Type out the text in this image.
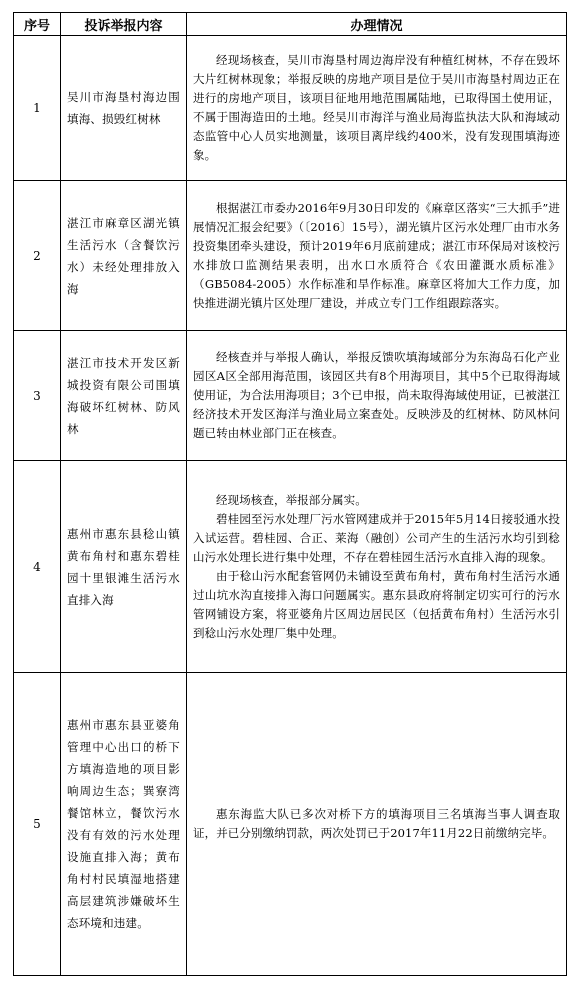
序号	投诉举报内容	办理情况
1	吴川市海垦村海边围填海、损毁红树林	经现场核查，吴川市海垦村周边海岸没有种植红树林，不存在毁坏大片红树林现象；举报反映的房地产项目是位于吴川市海垦村周边正在进行的房地产项目，该项目征地用地范围属陆地，已取得国土使用证，不属于围海造田的土地。经吴川市海洋与渔业局海监执法大队和海域动态监管中心人员实地测量，该项目离岸线约400米，没有发现围填海迹象。

2	湛江市麻章区湖光镇生活污水（含餐饮污水）未经处理排放入海	根据湛江市委办2016年9月30日印发的《麻章区落实“三大抓手”进展情况汇报会纪要》（〔2016〕15号），湖光镇片区污水处理厂由市水务投资集团牵头建设，预计2019年6月底前建成；湛江市环保局对该校污水排放口监测结果表明，出水口水质符合《农田灌溉水质标准》（GB5084-2005）水作标准和旱作标准。麻章区将加大工作力度，加快推进湖光镇片区处理厂建设，并成立专门工作组跟踪落实。

3	湛江市技术开发区新城投资有限公司围填海破坏红树林、防风林	经核查并与举报人确认，举报反馈吹填海域部分为东海岛石化产业园区A区全部用海范围，该园区共有8个用海项目，其中5个已取得海域使用证，为合法用海项目；3个已申报，尚未取得海域使用证，已被湛江经济技术开发区海洋与渔业局立案查处。反映涉及的红树林、防风林问题已转由林业部门正在核查。

4	惠州市惠东县稔山镇黄布角村和惠东碧桂园十里银滩生活污水直排入海	经现场核查，举报部分属实。

碧桂园至污水处理厂污水管网建成并于2015年5月14日接驳通水投入试运营。碧桂园、合正、莱海（融创）公司产生的生活污水均引到稔山污水处理长进行集中处理，不存在碧桂园生活污水直排入海的现象。

由于稔山污水配套管网仍未铺设至黄布角村，黄布角村生活污水通过山坑水沟直接排入海口问题属实。惠东县政府将制定切实可行的污水管网铺设方案，将亚婆角片区周边居民区（包括黄布角村）生活污水引到稔山污水处理厂集中处理。

5	惠州市惠东县亚婆角管理中心出口的桥下方填海造地的项目影响周边生态；巽寮湾餐馆林立，餐饮污水没有有效的污水处理设施直排入海；黄布角村村民填湿地搭建高层建筑涉嫌破坏生态环境和违建。	惠东海监大队已多次对桥下方的填海项目三名填海当事人调查取证，并已分别缴纳罚款，两次处罚已于2017年11月22日前缴纳完毕。
